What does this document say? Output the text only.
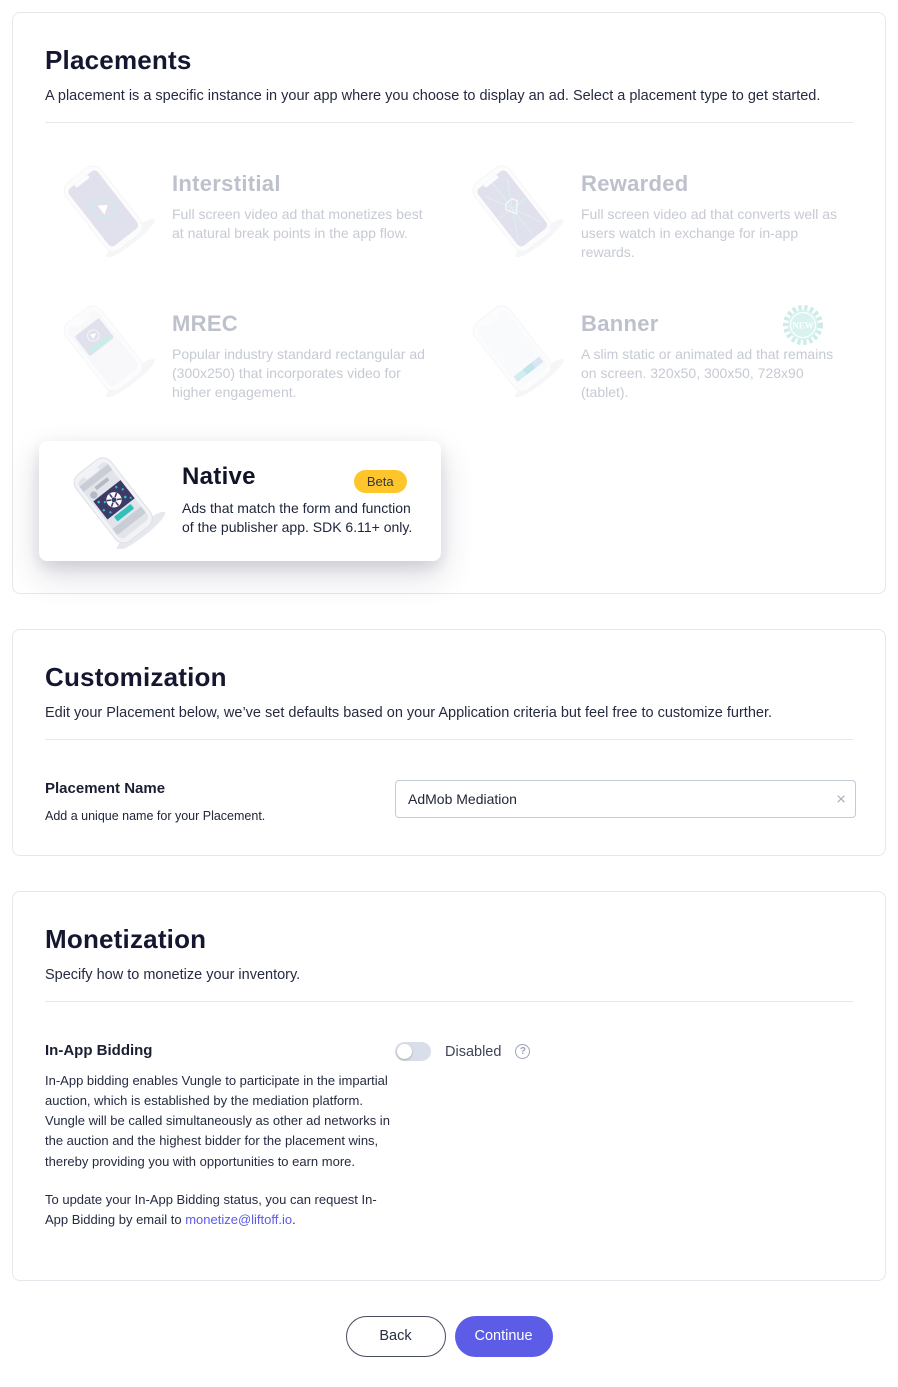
Placements

A placement is a specific instance in your app where you choose to display an ad. Select a placement type to get started.

Interstitial
Full screen video ad that monetizes best at natural break points in the app flow.
Rewarded
Full screen video ad that converts well as users watch in exchange for in-app rewards.
MREC
Popular industry standard rectangular ad (300x250) that incorporates video for higher engagement.
Banner
A slim static or animated ad that remains on screen. 320x50, 300x50, 728x90 (tablet).
NEW
Native	Beta
Ads that match the form and function of the publisher app. SDK 6.11+ only.
Customization

Edit your Placement below, we’ve set defaults based on your Application criteria but feel free to customize further.

Placement Name
Add a unique name for your Placement.
AdMob Mediation
×
Monetization

Specify how to monetize your inventory.

In-App Bidding

In-App bidding enables Vungle to participate in the impartial auction, which is established by the mediation platform. Vungle will be called simultaneously as other ad networks in the auction and the highest bidder for the placement wins, thereby providing you with opportunities to earn more.

To update your In-App Bidding status, you can request In-App Bidding by email to monetize@liftoff.io.

Disabled	?
Back	Continue
